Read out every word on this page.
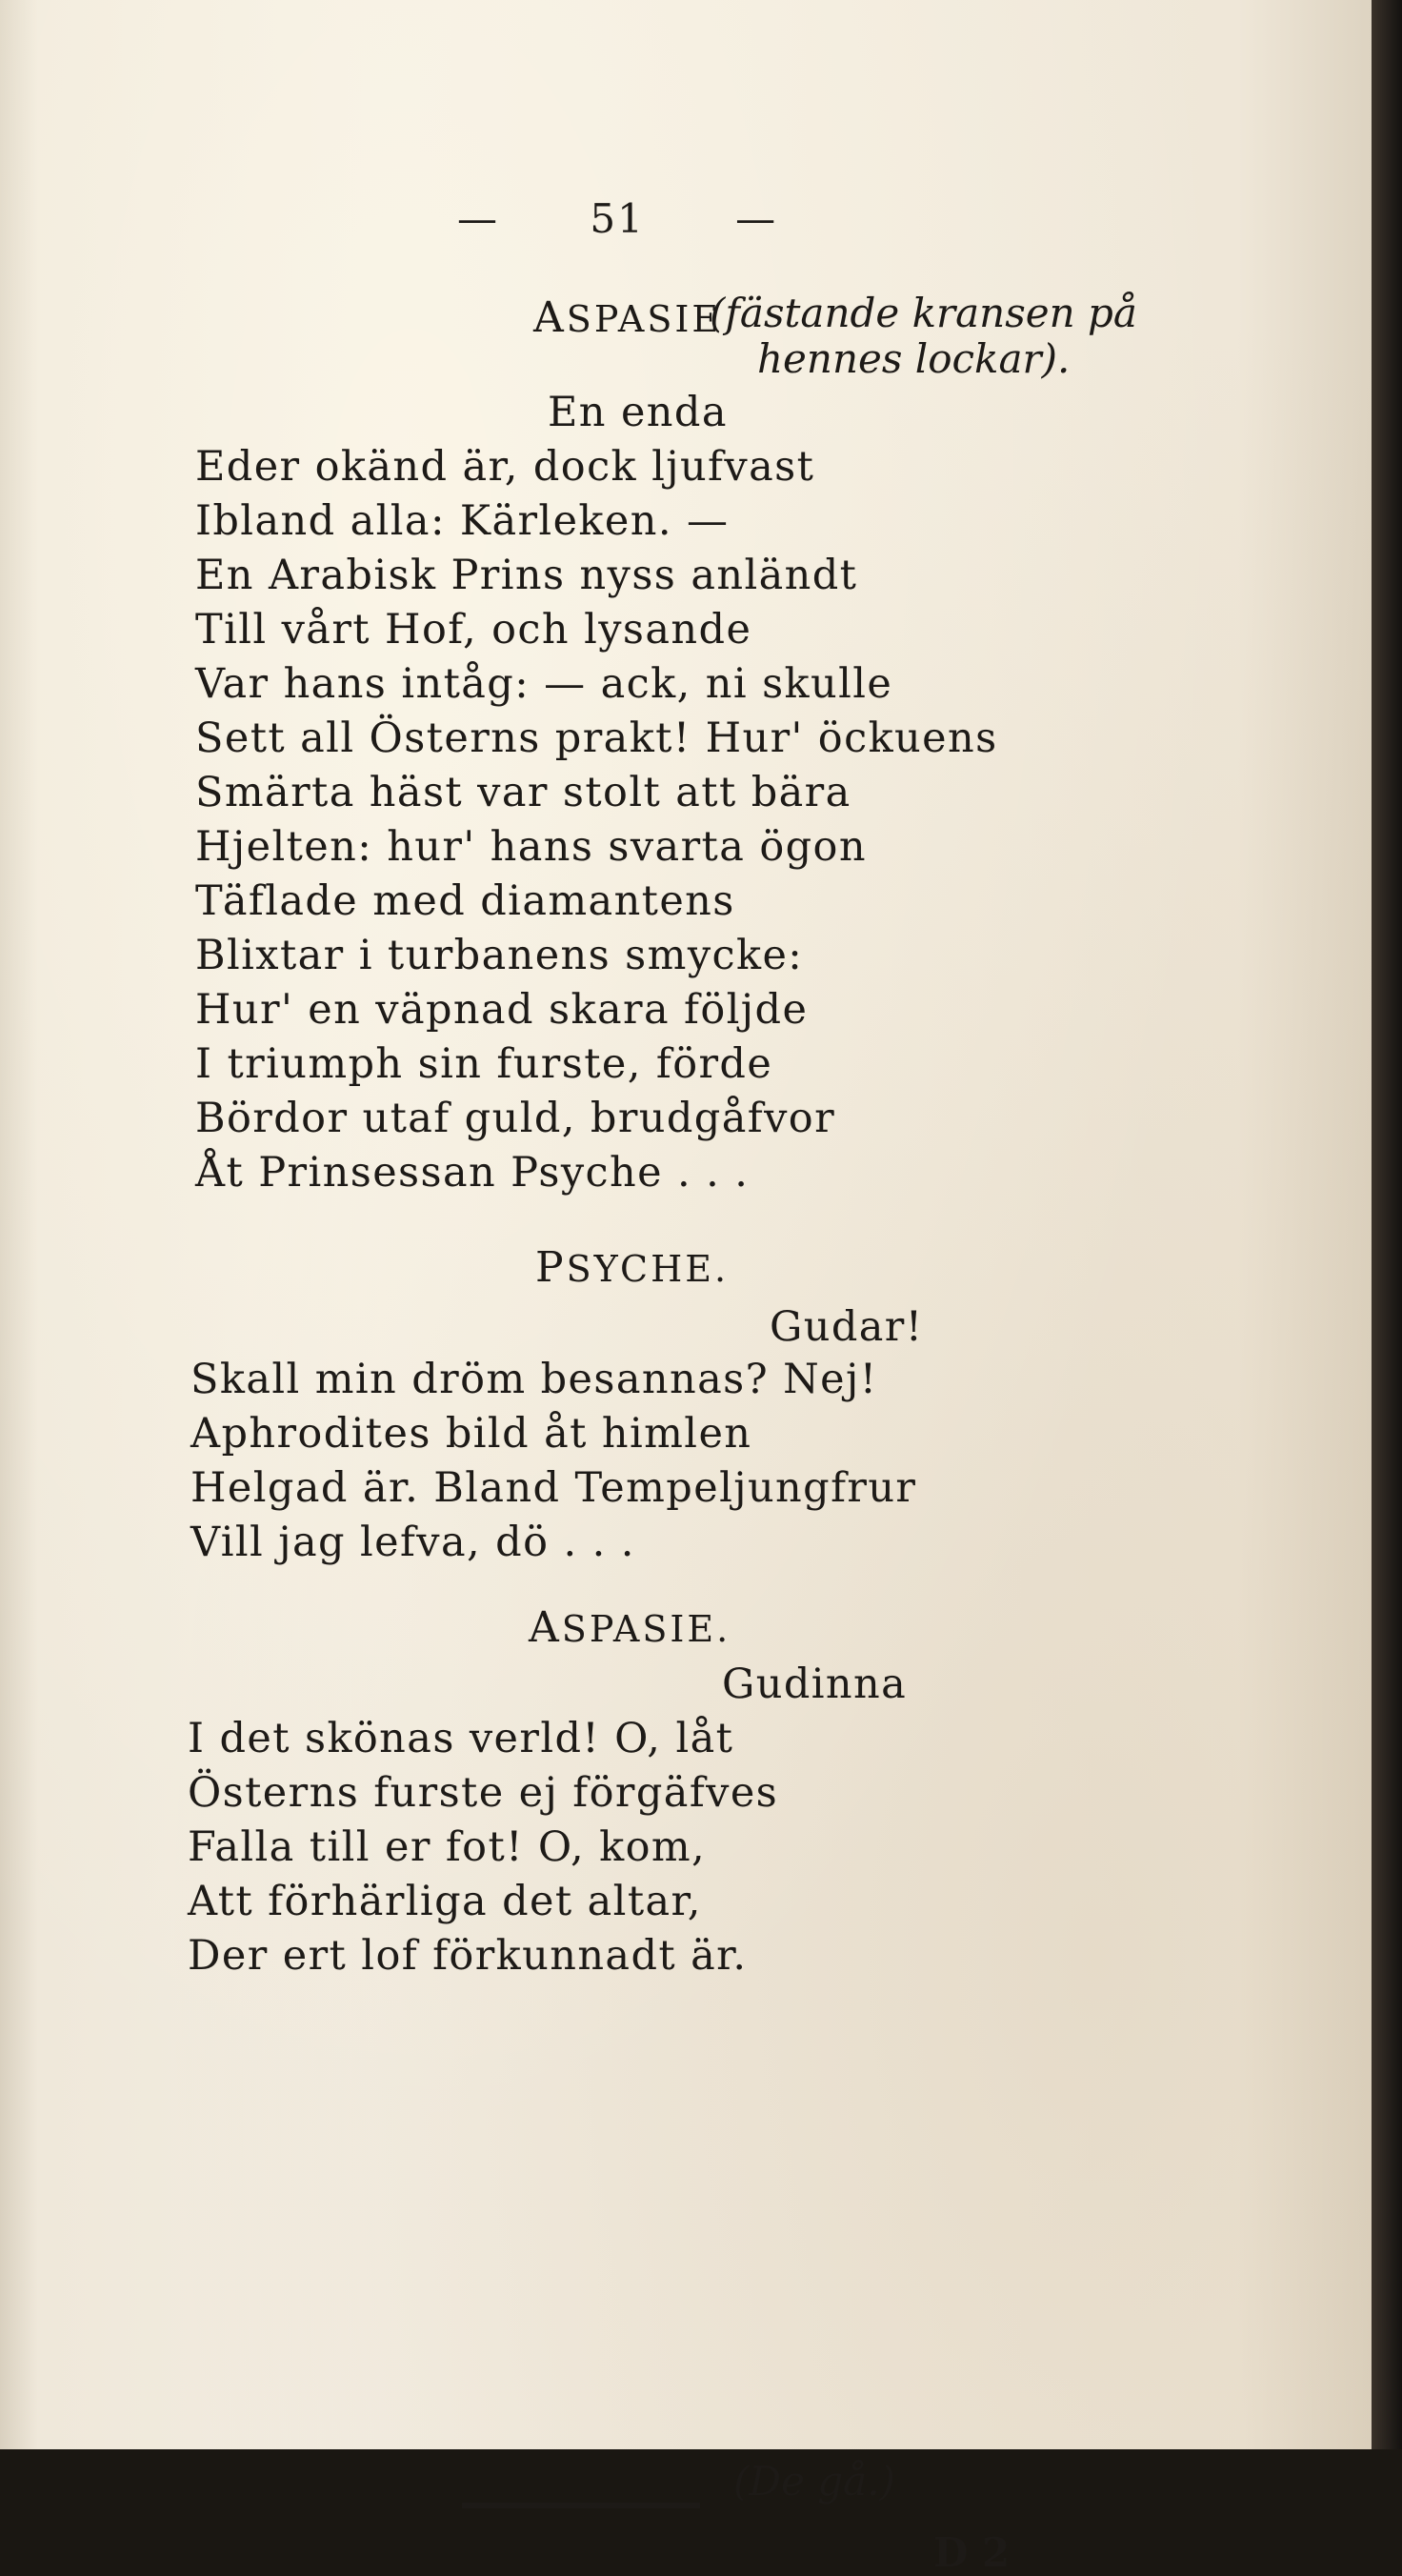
— 51 —
ASPASIE
(fästande kransen på
hennes lockar).
En enda
Eder okänd är, dock ljufvast
Ibland alla: Kärleken. —
En Arabisk Prins nyss anländt
Till vårt Hof, och lysande
Var hans intåg: — ack, ni skulle
Sett all Österns prakt! Hur' öckuens
Smärta häst var stolt att bära
Hjelten: hur' hans svarta ögon
Täflade med diamantens
Blixtar i turbanens smycke:
Hur' en väpnad skara följde
I triumph sin furste, förde
Bördor utaf guld, brudgåfvor
Åt Prinsessan Psyche . . .
PSYCHE.
Gudar!
Skall min dröm besannas? Nej!
Aphrodites bild åt himlen
Helgad är. Bland Tempeljungfrur
Vill jag lefva, dö . . .
ASPASIE.
Gudinna
I det skönas verld! O, låt
Österns furste ej förgäfves
Falla till er fot! O, kom,
Att förhärliga det altar,
Der ert lof förkunnadt är.
(De gå.)
D 2
